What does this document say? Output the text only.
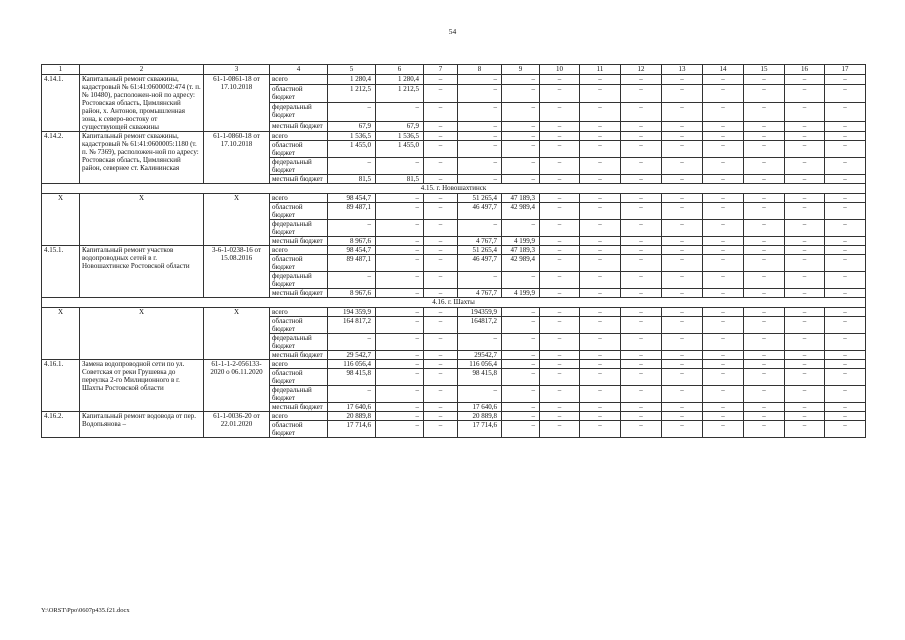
54
1	2	3	4	5	6	7	8	9	10	11	12	13	14	15	16	17
4.14.1.	Капитальный ремонт скважины, кадастровый № 61:41:0600002:474 (т. п. № 10480), расположен-ной по адресу: Ростовская область, Цимлянский район, х. Антонов, промышленная зона, к северо-востоку от существующей скважины	61-1-0861-18 от 17.10.2018	всего	1 280,4	1 280,4	–	–	–	–	–	–	–	–	–	–	–
			областной бюджет	1 212,5	1 212,5	–	–	–	–	–	–	–	–	–	–	–
			федеральный бюджет	–	–	–	–	–	–	–	–	–	–	–	–	–
			местный бюджет	67,9	67,9	–	–	–	–	–	–	–	–	–	–	–
4.14.2.	Капитальный ремонт скважины, кадастровый № 61:41:0600005:1180 (т. п. № 7369), расположен-ной по адресу: Ростовская область, Цимлянский район, севернее ст. Калининская	61-1-0860-18 от 17.10.2018	всего	1 536,5	1 536,5	–	–	–	–	–	–	–	–	–	–	–
			областной бюджет	1 455,0	1 455,0	–	–	–	–	–	–	–	–	–	–	–
			федеральный бюджет	–	–	–	–	–	–	–	–	–	–	–	–	–
			местный бюджет	81,5	81,5	–	–	–	–	–	–	–	–	–	–	–
4.15. г. Новошахтинск																
Х	Х	Х	всего	98 454,7	–	–	51 265,4	47 189,3	–	–	–	–	–	–	–	–
			областной бюджет	89 487,1	–	–	46 497,7	42 989,4	–	–	–	–	–	–	–	–
			федеральный бюджет	–	–	–	–	–	–	–	–	–	–	–	–	–
			местный бюджет	8 967,6	–	–	4 767,7	4 199,9	–	–	–	–	–	–	–	–
4.15.1.	Капитальный ремонт участков водопроводных сетей в г. Новошахтинске Ростовской области	3-6-1-0238-16 от 15.08.2016	всего	98 454,7	–	–	51 265,4	47 189,3	–	–	–	–	–	–	–	–
			областной бюджет	89 487,1	–	–	46 497,7	42 989,4	–	–	–	–	–	–	–	–
			федеральный бюджет	–	–	–	–	–	–	–	–	–	–	–	–	–
			местный бюджет	8 967,6	–	–	4 767,7	4 199,9	–	–	–	–	–	–	–	–
4.16. г. Шахты																
Х	Х	Х	всего	194 359,9	–	–	194359,9	–	–	–	–	–	–	–	–	–
			областной бюджет	164 817,2	–	–	164817,2	–	–	–	–	–	–	–	–	–
			федеральный бюджет	–	–	–	–	–	–	–	–	–	–	–	–	–
			местный бюджет	29 542,7	–	–	29542,7	–	–	–	–	–	–	–	–	–
4.16.1.	Замена водопроводной сети по ул. Советская от реки Грушевка до переулка 2-го Милиционного в г. Шахты Ростовской области	61-1-1-2-056133-2020 о 06.11.2020	всего	116 056,4	–	–	116 056,4	–	–	–	–	–	–	–	–	–
			областной бюджет	98 415,8	–	–	98 415,8	–	–	–	–	–	–	–	–	–
			федеральный бюджет	–	–	–	–	–	–	–	–	–	–	–	–	–
			местный бюджет	17 640,6	–	–	17 640,6	–	–	–	–	–	–	–	–	–
4.16.2.	Капитальный ремонт водовода от пер. Водопьянова –	61-1-0036-20 от 22.01.2020	всего	20 889,8	–	–	20 889,8	–	–	–	–	–	–	–	–	–
			областной бюджет	17 714,6	–	–	17 714,6	–	–	–	–	–	–	–	–	–
Y:\ORST\Ppo\0607p435.f21.docx
